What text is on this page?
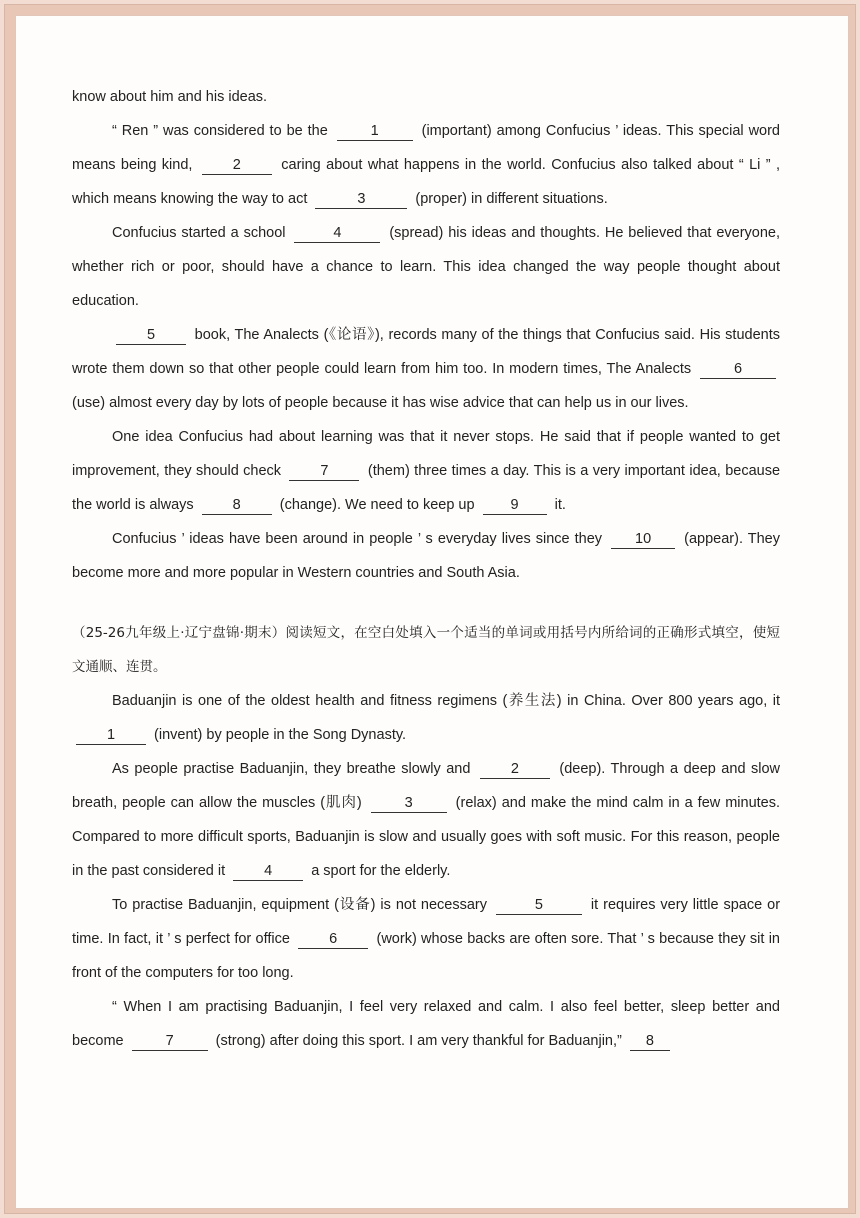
know about him and his ideas.

“ Ren ” was considered to be the	1	(important) among Confucius ’ ideas. This special word means being kind,	2	caring about what happens in the world. Confucius also talked about “ Li ” , which means knowing the way to act	3	(proper) in different situations.

Confucius started a school	4	(spread) his ideas and thoughts. He believed that everyone, whether rich or poor, should have a chance to learn. This idea changed the way people thought about education.

5	book, The Analects (《论语》), records many of the things that Confucius said. His students wrote them down so that other people could learn from him too. In modern times, The Analects	6 (use) almost every day by lots of people because it has wise advice that can help us in our lives.

One idea Confucius had about learning was that it never stops. He said that if people wanted to get improvement, they should check	7	(them) three times a day. This is a very important idea, because the world is always	8	(change). We need to keep up 9 it.

Confucius ’ ideas have been around in people ’ s everyday lives since they 10 (appear). They become more and more popular in Western countries and South Asia.

（25-26九年级上·辽宁盘锦·期末）阅读短文，在空白处填入一个适当的单词或用括号内所给词的正确形式填空，使短文通顺、连贯。

Baduanjin is one of the oldest health and fitness regimens (养生法) in China. Over 800 years ago, it 1	(invent) by people in the Song Dynasty.

As people practise Baduanjin, they breathe slowly and	2	(deep). Through a deep and slow breath, people can allow the muscles (肌肉)	3	(relax) and make the mind calm in a few minutes. Compared to more difficult sports, Baduanjin is slow and usually goes with soft music. For this reason, people in the past considered it	4	a sport for the elderly.

To practise Baduanjin, equipment (设备) is not necessary	5	it requires very little space or time. In fact, it ’ s perfect for office	6	(work) whose backs are often sore. That ’ s because they sit in front of the computers for too long.

“ When I am practising Baduanjin, I feel very relaxed and calm. I also feel better, sleep better and become	7	(strong) after doing this sport. I am very thankful for Baduanjin,” 8
